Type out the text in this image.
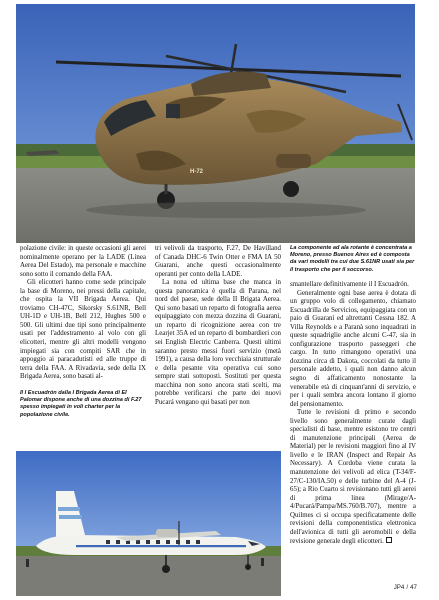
H-72

polazione civile: in queste occasioni gli aerei nominalmente operano per la LADE (Línea Aerea Del Estado), ma personale e macchine sono sotto il comando della FAA.

Gli elicotteri hanno come sede principale la base di Moreno, nei pressi della capitale, che ospita la VII Brigada Aerea. Qui troviamo CH-47C, Sikorsky S.61NR, Bell UH-1D e UH-1B, Bell 212, Hughes 500 e 500. Gli ultimi due tipi sono principalmente usati per l'addestramento al volo con gli elicotteri, mentre gli altri modelli vengono impiegati sia con compiti SAR che in appoggio ai paracadutisti ed alle truppe di terra della FAA. A Rivadavia, sede della IX Brigada Aerea, sono basati al-

tri velivoli da trasporto, F.27, De Havilland of Canada DHC-6 Twin Otter e FMA IA 50 Guarani, anche questi occasionalmente operanti per conto della LADE.

La nona ed ultima base che manca in questa panoramica è quella di Parana, nel nord del paese, sede della II Brigata Aerea. Qui sono basati un reparto di fotografia aerea equipaggiato con mezza dozzina di Guarani, un reparto di ricognizione aerea con tre Learjet 35A ed un reparto di bombardieri con sei English Electric Canberra. Questi ultimi saranno presto messi fuori servizio (metà 1991), a causa della loro vecchiaia strutturale e della pesante vita operativa cui sono sempre stati sottoposti. Sostituti per questa macchina non sono ancora stati scelti, ma potrebbe verificarsi che parte dei nuovi Pucará vengano qui basati per non

La componente ad ala rotante è concentrata a Moreno, presso Buenos Aires ed è composta da vari modelli tra cui due S.61NR usati sia per il trasporto che per il soccorso.

smantellare definitivamente il I Escuadrón.

Generalmente ogni base aerea è dotata di un gruppo volo di collegamento, chiamato Escuadrilla de Servicios, equipaggiata con un paio di Guaranì ed altrettanti Cessna 182. A Villa Reynolds e a Paranà sono inquadrati in queste squadriglie anche alcuni C-47, sia in configurazione trasporto passeggeri che cargo. In tutto rimangono operativi una dozzina circa di Dakota, coccolati da tutto il personale addetto, i quali non danno alcun segno di affaticamento nonostante la venerabile età di cinquant'anni di servizio, e per i quali sembra ancora lontano il giorno del pensionamento.

Tutte le revisioni di primo e secondo livello sono generalmente curate dagli specialisti di base, mentre esistono tre centri di manutenzione principali (Aerea de Material) per le revisioni maggiori fino al IV livello e le IRAN (Inspect and Repair As Necessary). A Cordoba viene curata la manutenzione dei velivoli ad elica (T-34/F-27/C-130/IA.50) e delle turbine del A-4 (J-65); a Rio Cuarto si revisionano tutti gli aerei di prima linea (Mirage/A-4/Pucará/Pampa/MS.760/B.707), mentre a Quilmes ci si occupa specificatamente delle revisioni della componentistica elettronica dell'avionica di tutti gli aeromobili e della revisione generale degli elicotteri.

Il I Escuadrón dalla I Brigada Aerea di El Palomar dispone anche di una dozzina di F.27 spesso impiegati in voli charter per la popolazione civile.

JP4 / 47
